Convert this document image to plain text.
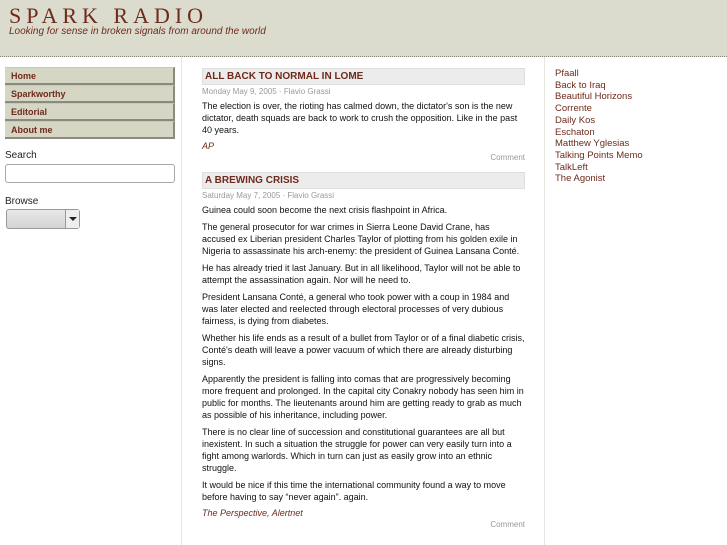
SPARK RADIO
Looking for sense in broken signals from around the world
Home
Sparkworthy
Editorial
About me
Search
Browse
ALL BACK TO NORMAL IN LOME
Monday May 9, 2005 · Flavio Grassi

The election is over, the rioting has calmed down, the dictator's son is the new dictator, death squads are back to work to crush the opposition. Like in the past 40 years.

AP
Comment
A BREWING CRISIS
Saturday May 7, 2005 · Flavio Grassi

Guinea could soon become the next crisis flashpoint in Africa.

The general prosecutor for war crimes in Sierra Leone David Crane, has accused ex Liberian president Charles Taylor of plotting from his golden exile in Nigeria to assassinate his arch-enemy: the president of Guinea Lansana Conté.

He has already tried it last January. But in all likelihood, Taylor will not be able to attempt the assassination again. Nor will he need to.

President Lansana Conté, a general who took power with a coup in 1984 and was later elected and reelected through electoral processes of very dubious fairness, is dying from diabetes.

Whether his life ends as a result of a bullet from Taylor or of a final diabetic crisis, Conté's death will leave a power vacuum of which there are already disturbing signs.

Apparently the president is falling into comas that are progressively becoming more frequent and prolonged. In the capital city Conakry nobody has seen him in public for months. The lieutenants around him are getting ready to grab as much as possible of his inheritance, including power.

There is no clear line of succession and constitutional guarantees are all but inexistent. In such a situation the struggle for power can very easily turn into a fight among warlords. Which in turn can just as easily grow into an ethnic struggle.

It would be nice if this time the international community found a way to move before having to say “never again”. again.

The Perspective, Alertnet
Comment
Pfaall
Back to Iraq
Beautiful Horizons
Corrente
Daily Kos
Eschaton
Matthew Yglesias
Talking Points Memo
TalkLeft
The Agonist
